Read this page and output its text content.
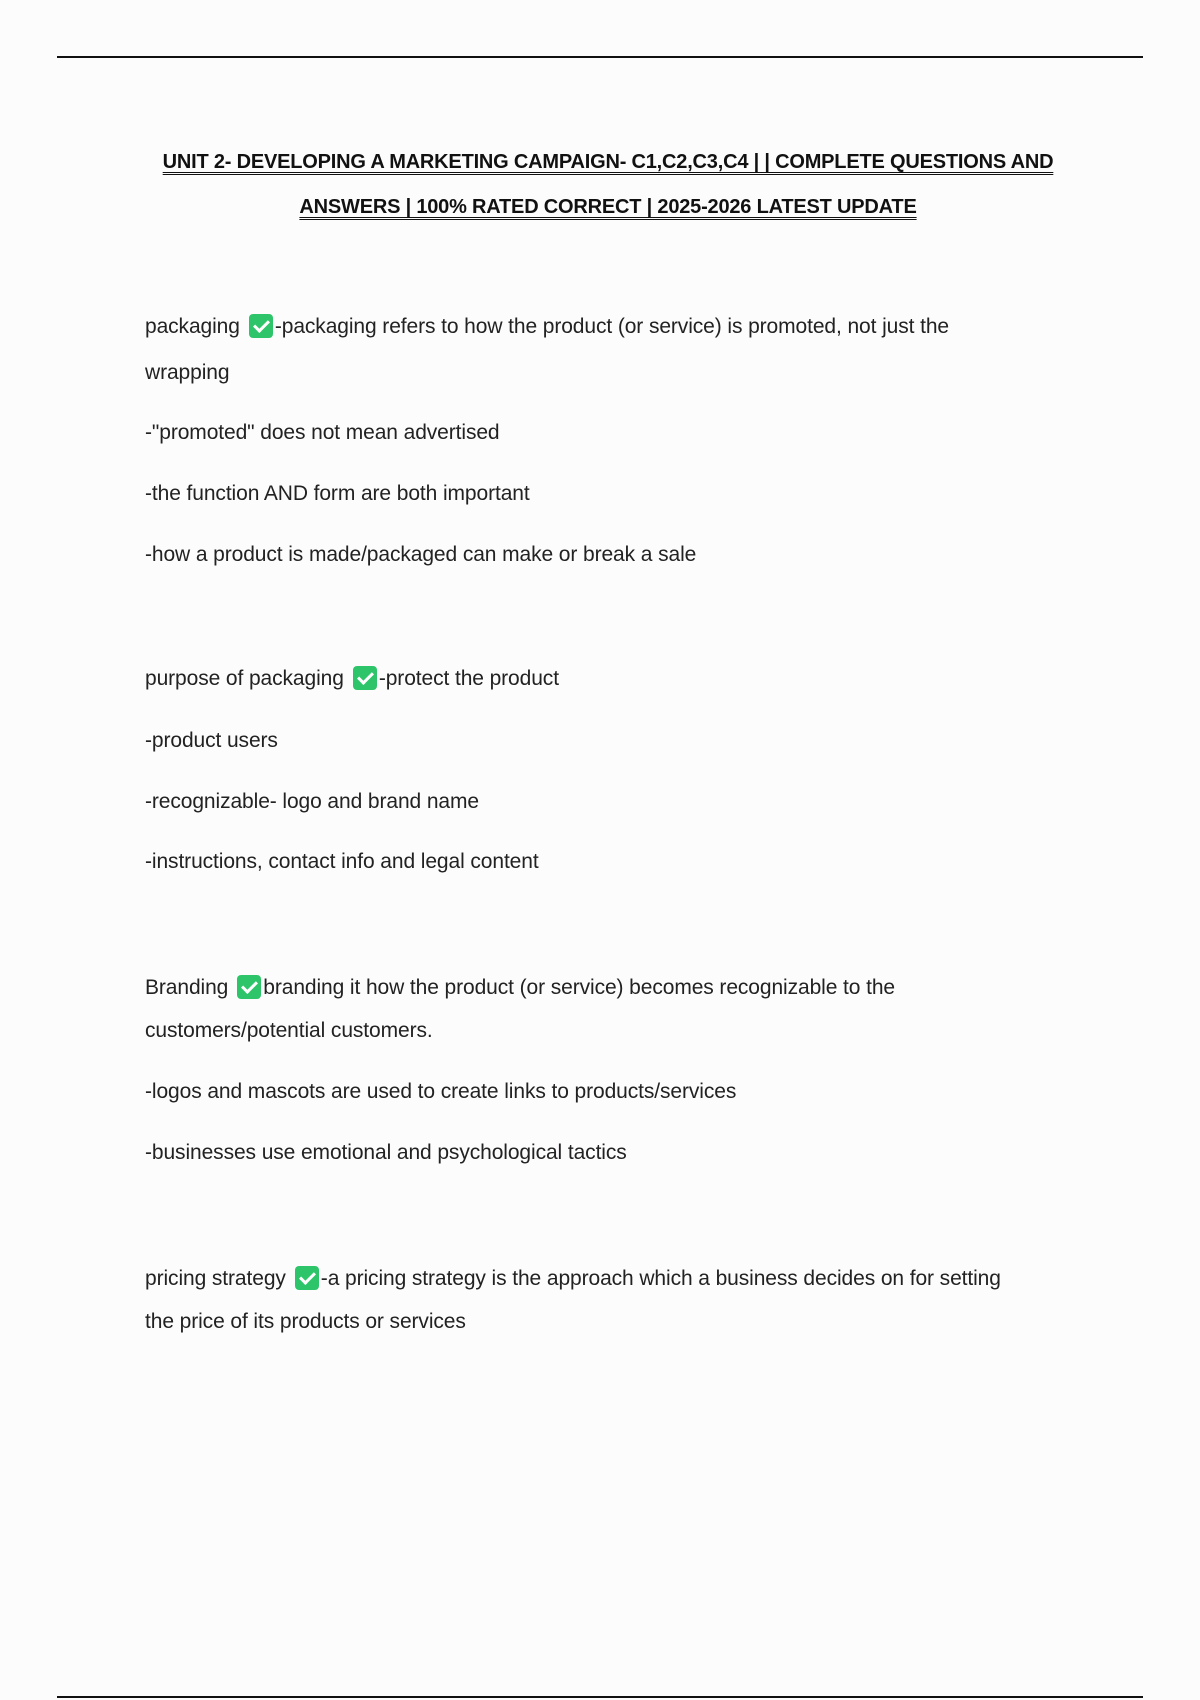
UNIT 2- DEVELOPING A MARKETING CAMPAIGN- C1,C2,C3,C4 | | COMPLETE QUESTIONS AND
ANSWERS | 100% RATED CORRECT | 2025-2026 LATEST UPDATE
packaging -packaging refers to how the product (or service) is promoted, not just the
wrapping
-"promoted" does not mean advertised
-the function AND form are both important
-how a product is made/packaged can make or break a sale
purpose of packaging -protect the product
-product users
-recognizable- logo and brand name
-instructions, contact info and legal content
Branding branding it how the product (or service) becomes recognizable to the
customers/potential customers.
-logos and mascots are used to create links to products/services
-businesses use emotional and psychological tactics
pricing strategy -a pricing strategy is the approach which a business decides on for setting
the price of its products or services
